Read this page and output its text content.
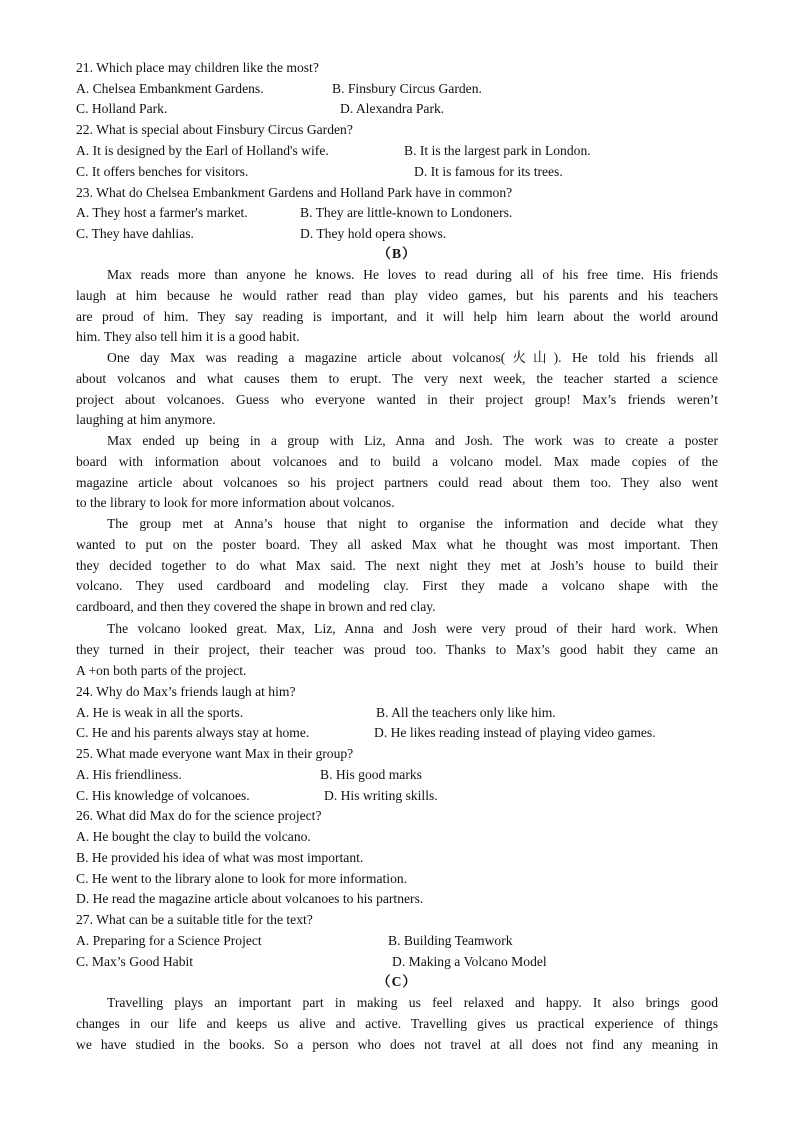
21. Which place may children like the most?
A. Chelsea Embankment Gardens.	B. Finsbury Circus Garden.
C. Holland Park.	D. Alexandra Park.
22. What is special about Finsbury Circus Garden?
A. It is designed by the Earl of Holland's wife.	B. It is the largest park in London.
C. It offers benches for visitors.	D. It is famous for its trees.
23. What do Chelsea Embankment Gardens and Holland Park have in common?
A. They host a farmer's market.	B. They are little-known to Londoners.
C. They have dahlias.	D. They hold opera shows.
（B）
Max reads more than anyone he knows. He loves to read during all of his free time. His friends
laugh at him because he would rather read than play video games, but his parents and his teachers
are proud of him. They say reading is important, and it will help him learn about the world around
him. They also tell him it is a good habit.
One day Max was reading a magazine article about volcanos(火山). He told his friends all
about volcanos and what causes them to erupt. The very next week, the teacher started a science
project about volcanoes. Guess who everyone wanted in their project group! Max’s friends weren’t
laughing at him anymore.
Max ended up being in a group with Liz, Anna and Josh. The work was to create a poster
board with information about volcanoes and to build a volcano model. Max made copies of the
magazine article about volcanoes so his project partners could read about them too. They also went
to the library to look for more information about volcanos.
The group met at Anna’s house that night to organise the information and decide what they
wanted to put on the poster board. They all asked Max what he thought was most important. Then
they decided together to do what Max said. The next night they met at Josh’s house to build their
volcano. They used cardboard and modeling clay. First they made a volcano shape with the
cardboard, and then they covered the shape in brown and red clay.
The volcano looked great. Max, Liz, Anna and Josh were very proud of their hard work. When
they turned in their project, their teacher was proud too. Thanks to Max’s good habit they came an
A +on both parts of the project.
24. Why do Max’s friends laugh at him?
A. He is weak in all the sports.	B. All the teachers only like him.
C. He and his parents always stay at home.	D. He likes reading instead of playing video games.
25. What made everyone want Max in their group?
A. His friendliness.	B. His good marks
C. His knowledge of volcanoes.	D. His writing skills.
26. What did Max do for the science project?
A. He bought the clay to build the volcano.
B. He provided his idea of what was most important.
C. He went to the library alone to look for more information.
D. He read the magazine article about volcanoes to his partners.
27. What can be a suitable title for the text?
A. Preparing for a Science Project	B. Building Teamwork
C. Max’s Good Habit	D. Making a Volcano Model
（C）
Travelling plays an important part in making us feel relaxed and happy. It also brings good
changes in our life and keeps us alive and active. Travelling gives us practical experience of things
we have studied in the books. So a person who does not travel at all does not find any meaning in
